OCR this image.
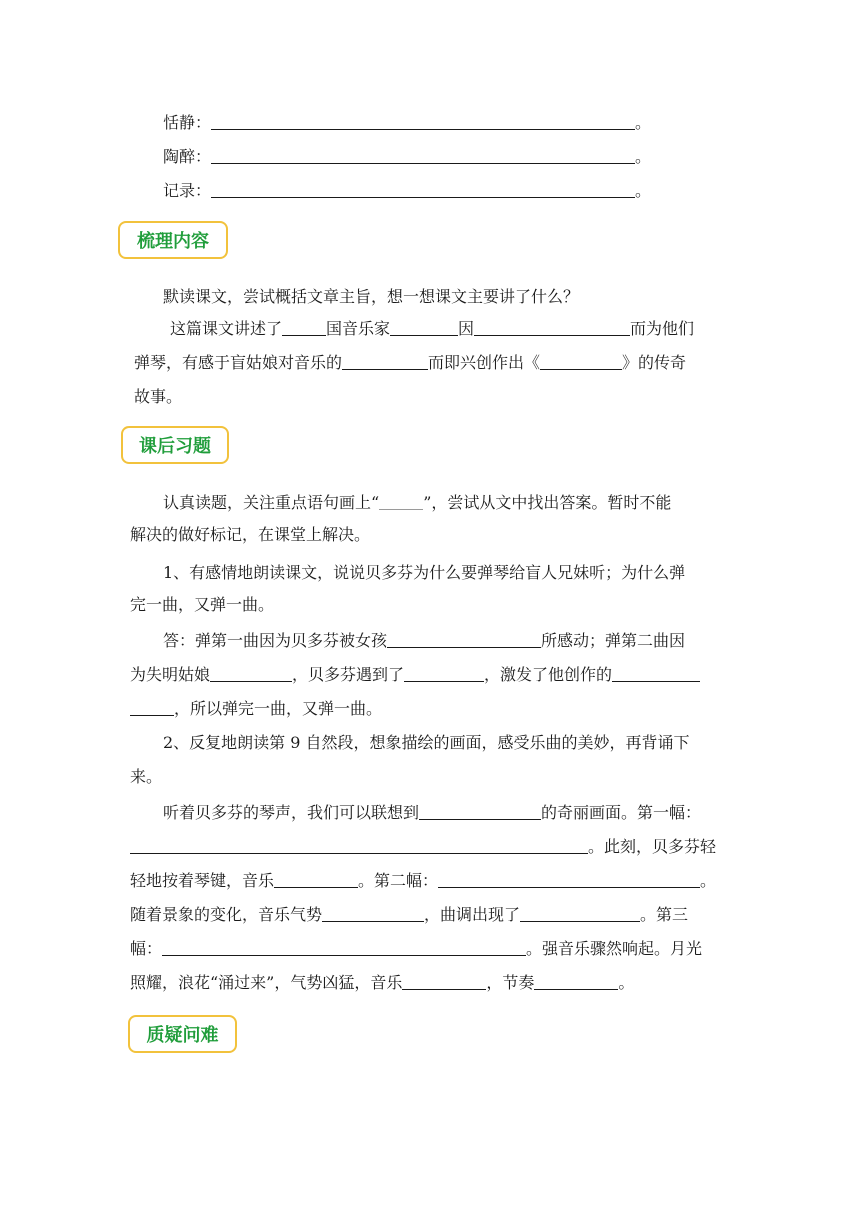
恬静：	。
陶醉：	。
记录：	。
梳理内容
默读课文，尝试概括文章主旨，想一想课文主要讲了什么？
这篇课文讲述了	国音乐家	因	而为他们
弹琴，有感于盲姑娘对音乐的	而即兴创作出《	》的传奇
故事。
课后习题
认真读题，关注重点语句画上“	”，尝试从文中找出答案。暂时不能
解决的做好标记，在课堂上解决。
1、有感情地朗读课文，说说贝多芬为什么要弹琴给盲人兄妹听；为什么弹
完一曲，又弹一曲。
答：弹第一曲因为贝多芬被女孩	所感动；弹第二曲因
为失明姑娘	，贝多芬遇到了	，激发了他创作的
，所以弹完一曲，又弹一曲。
2、反复地朗读第 9 自然段，想象描绘的画面，感受乐曲的美妙，再背诵下
来。
听着贝多芬的琴声，我们可以联想到	的奇丽画面。第一幅：
。此刻，贝多芬轻
轻地按着琴键，音乐	。第二幅：	。
随着景象的变化，音乐气势	，曲调出现了	。第三
幅：	。强音乐骤然响起。月光
照耀，浪花“涌过来”，气势凶猛，音乐	，节奏	。
质疑问难
